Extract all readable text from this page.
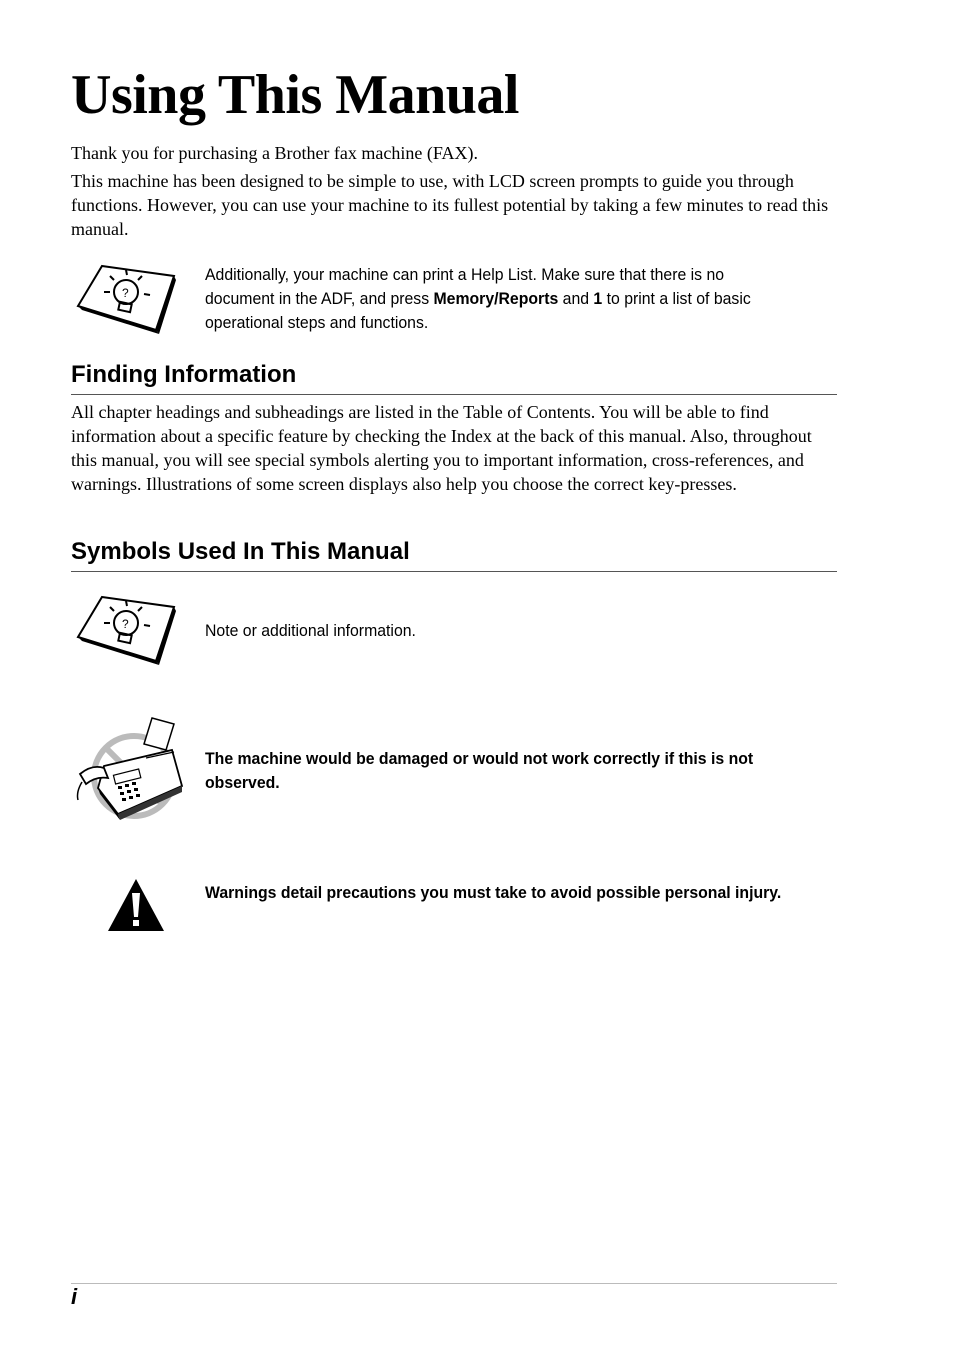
Using This Manual

Thank you for purchasing a Brother fax machine (FAX).

This machine has been designed to be simple to use, with LCD screen prompts to guide you through functions. However, you can use your machine to its fullest potential by taking a few minutes to read this manual.

?

Additionally, your machine can print a Help List. Make sure that there is no document in the ADF, and press Memory/Reports and 1 to print a list of basic operational steps and functions.

Finding Information

All chapter headings and subheadings are listed in the Table of Contents. You will be able to find information about a specific feature by checking the Index at the back of this manual. Also, throughout this manual, you will see special symbols alerting you to important information, cross-references, and warnings. Illustrations of some screen displays also help you choose the correct key-presses.

Symbols Used In This Manual
?	Note or additional information.

The machine would be damaged or would not work correctly if this is not observed.

Warnings detail precautions you must take to avoid possible personal injury.

i
